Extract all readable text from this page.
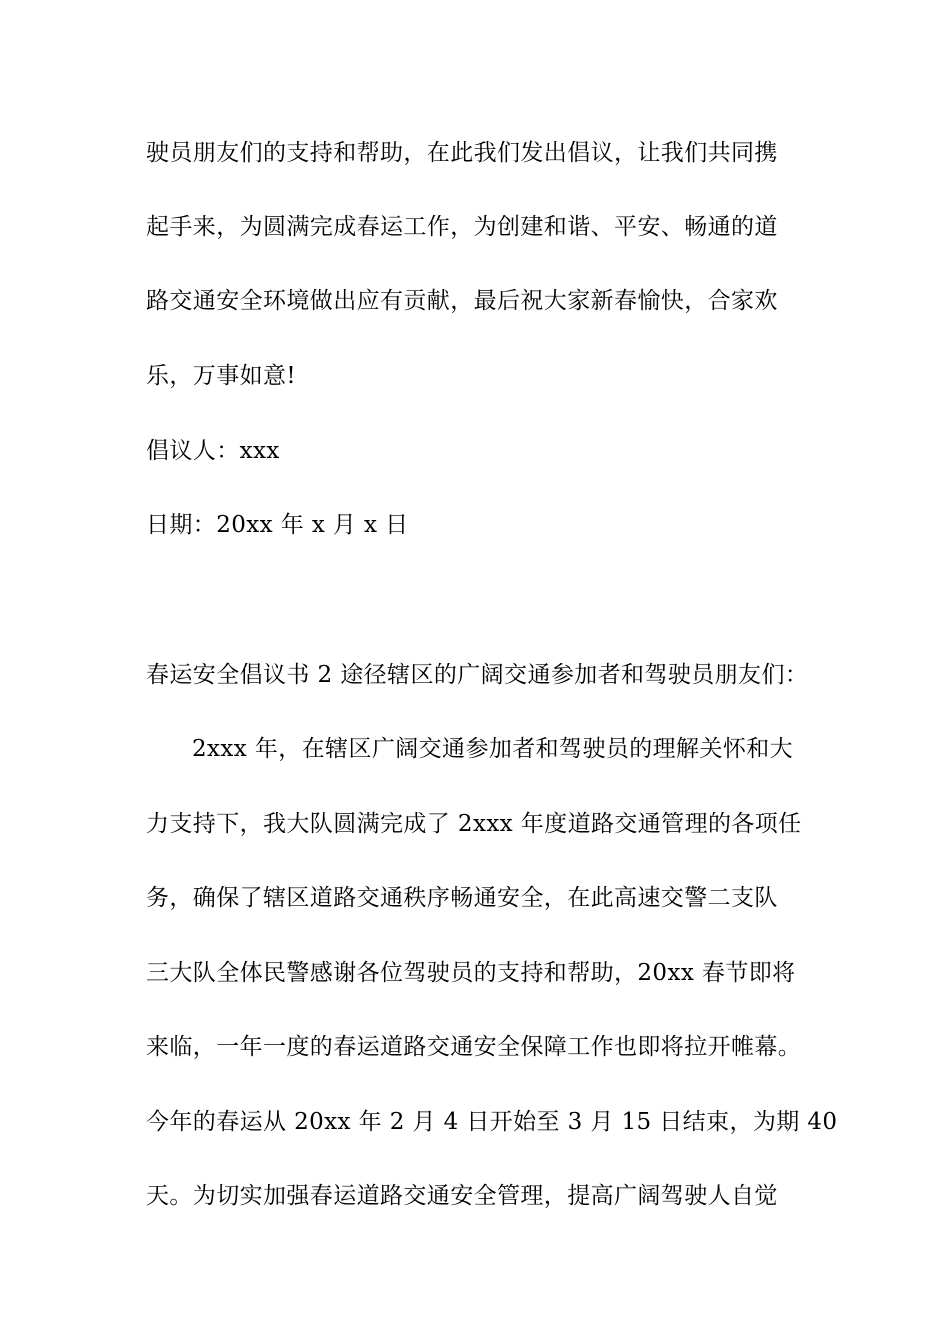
驶员朋友们的支持和帮助，在此我们发出倡议，让我们共同携
起手来，为圆满完成春运工作，为创建和谐、平安、畅通的道
路交通安全环境做出应有贡献，最后祝大家新春愉快，合家欢
乐，万事如意!
倡议人：xxx
日期：20xx 年 x 月 x 日
春运安全倡议书 2 途径辖区的广阔交通参加者和驾驶员朋友们：
2xxx 年，在辖区广阔交通参加者和驾驶员的理解关怀和大
力支持下，我大队圆满完成了 2xxx 年度道路交通管理的各项任
务，确保了辖区道路交通秩序畅通安全，在此高速交警二支队
三大队全体民警感谢各位驾驶员的支持和帮助，20xx 春节即将
来临，一年一度的春运道路交通安全保障工作也即将拉开帷幕。
今年的春运从 20xx 年 2 月 4 日开始至 3 月 15 日结束，为期 40
天。为切实加强春运道路交通安全管理，提高广阔驾驶人自觉
